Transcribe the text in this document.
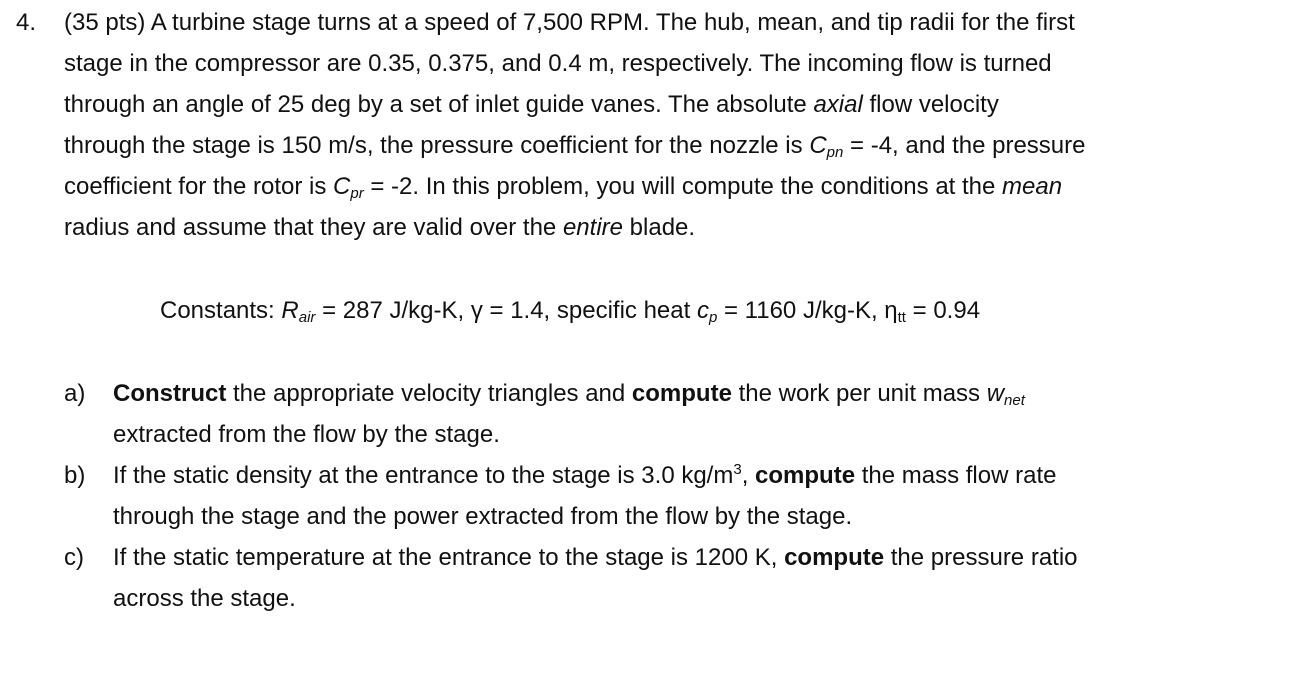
4. (35 pts) A turbine stage turns at a speed of 7,500 RPM. The hub, mean, and tip radii for the first
stage in the compressor are 0.35, 0.375, and 0.4 m, respectively. The incoming flow is turned
through an angle of 25 deg by a set of inlet guide vanes. The absolute axial flow velocity
through the stage is 150 m/s, the pressure coefficient for the nozzle is $C_{pn} = -4$, and the pressure
coefficient for the rotor is $C_{pr} = -2$. In this problem, you will compute the conditions at the mean
radius and assume that they are valid over the entire blade.
Constants: $R_{air} = 287$ J/kg-K, γ = 1.4, specific heat $c_p = 1160$ J/kg-K, $\eta_{tt} = 0.94$
a) Construct the appropriate velocity triangles and compute the work per unit mass $w_{net}$
extracted from the flow by the stage.
b) If the static density at the entrance to the stage is 3.0 $kg/m^3$, compute the mass flow rate
through the stage and the power extracted from the flow by the stage.
c) If the static temperature at the entrance to the stage is 1200 K, compute the pressure ratio
across the stage.
